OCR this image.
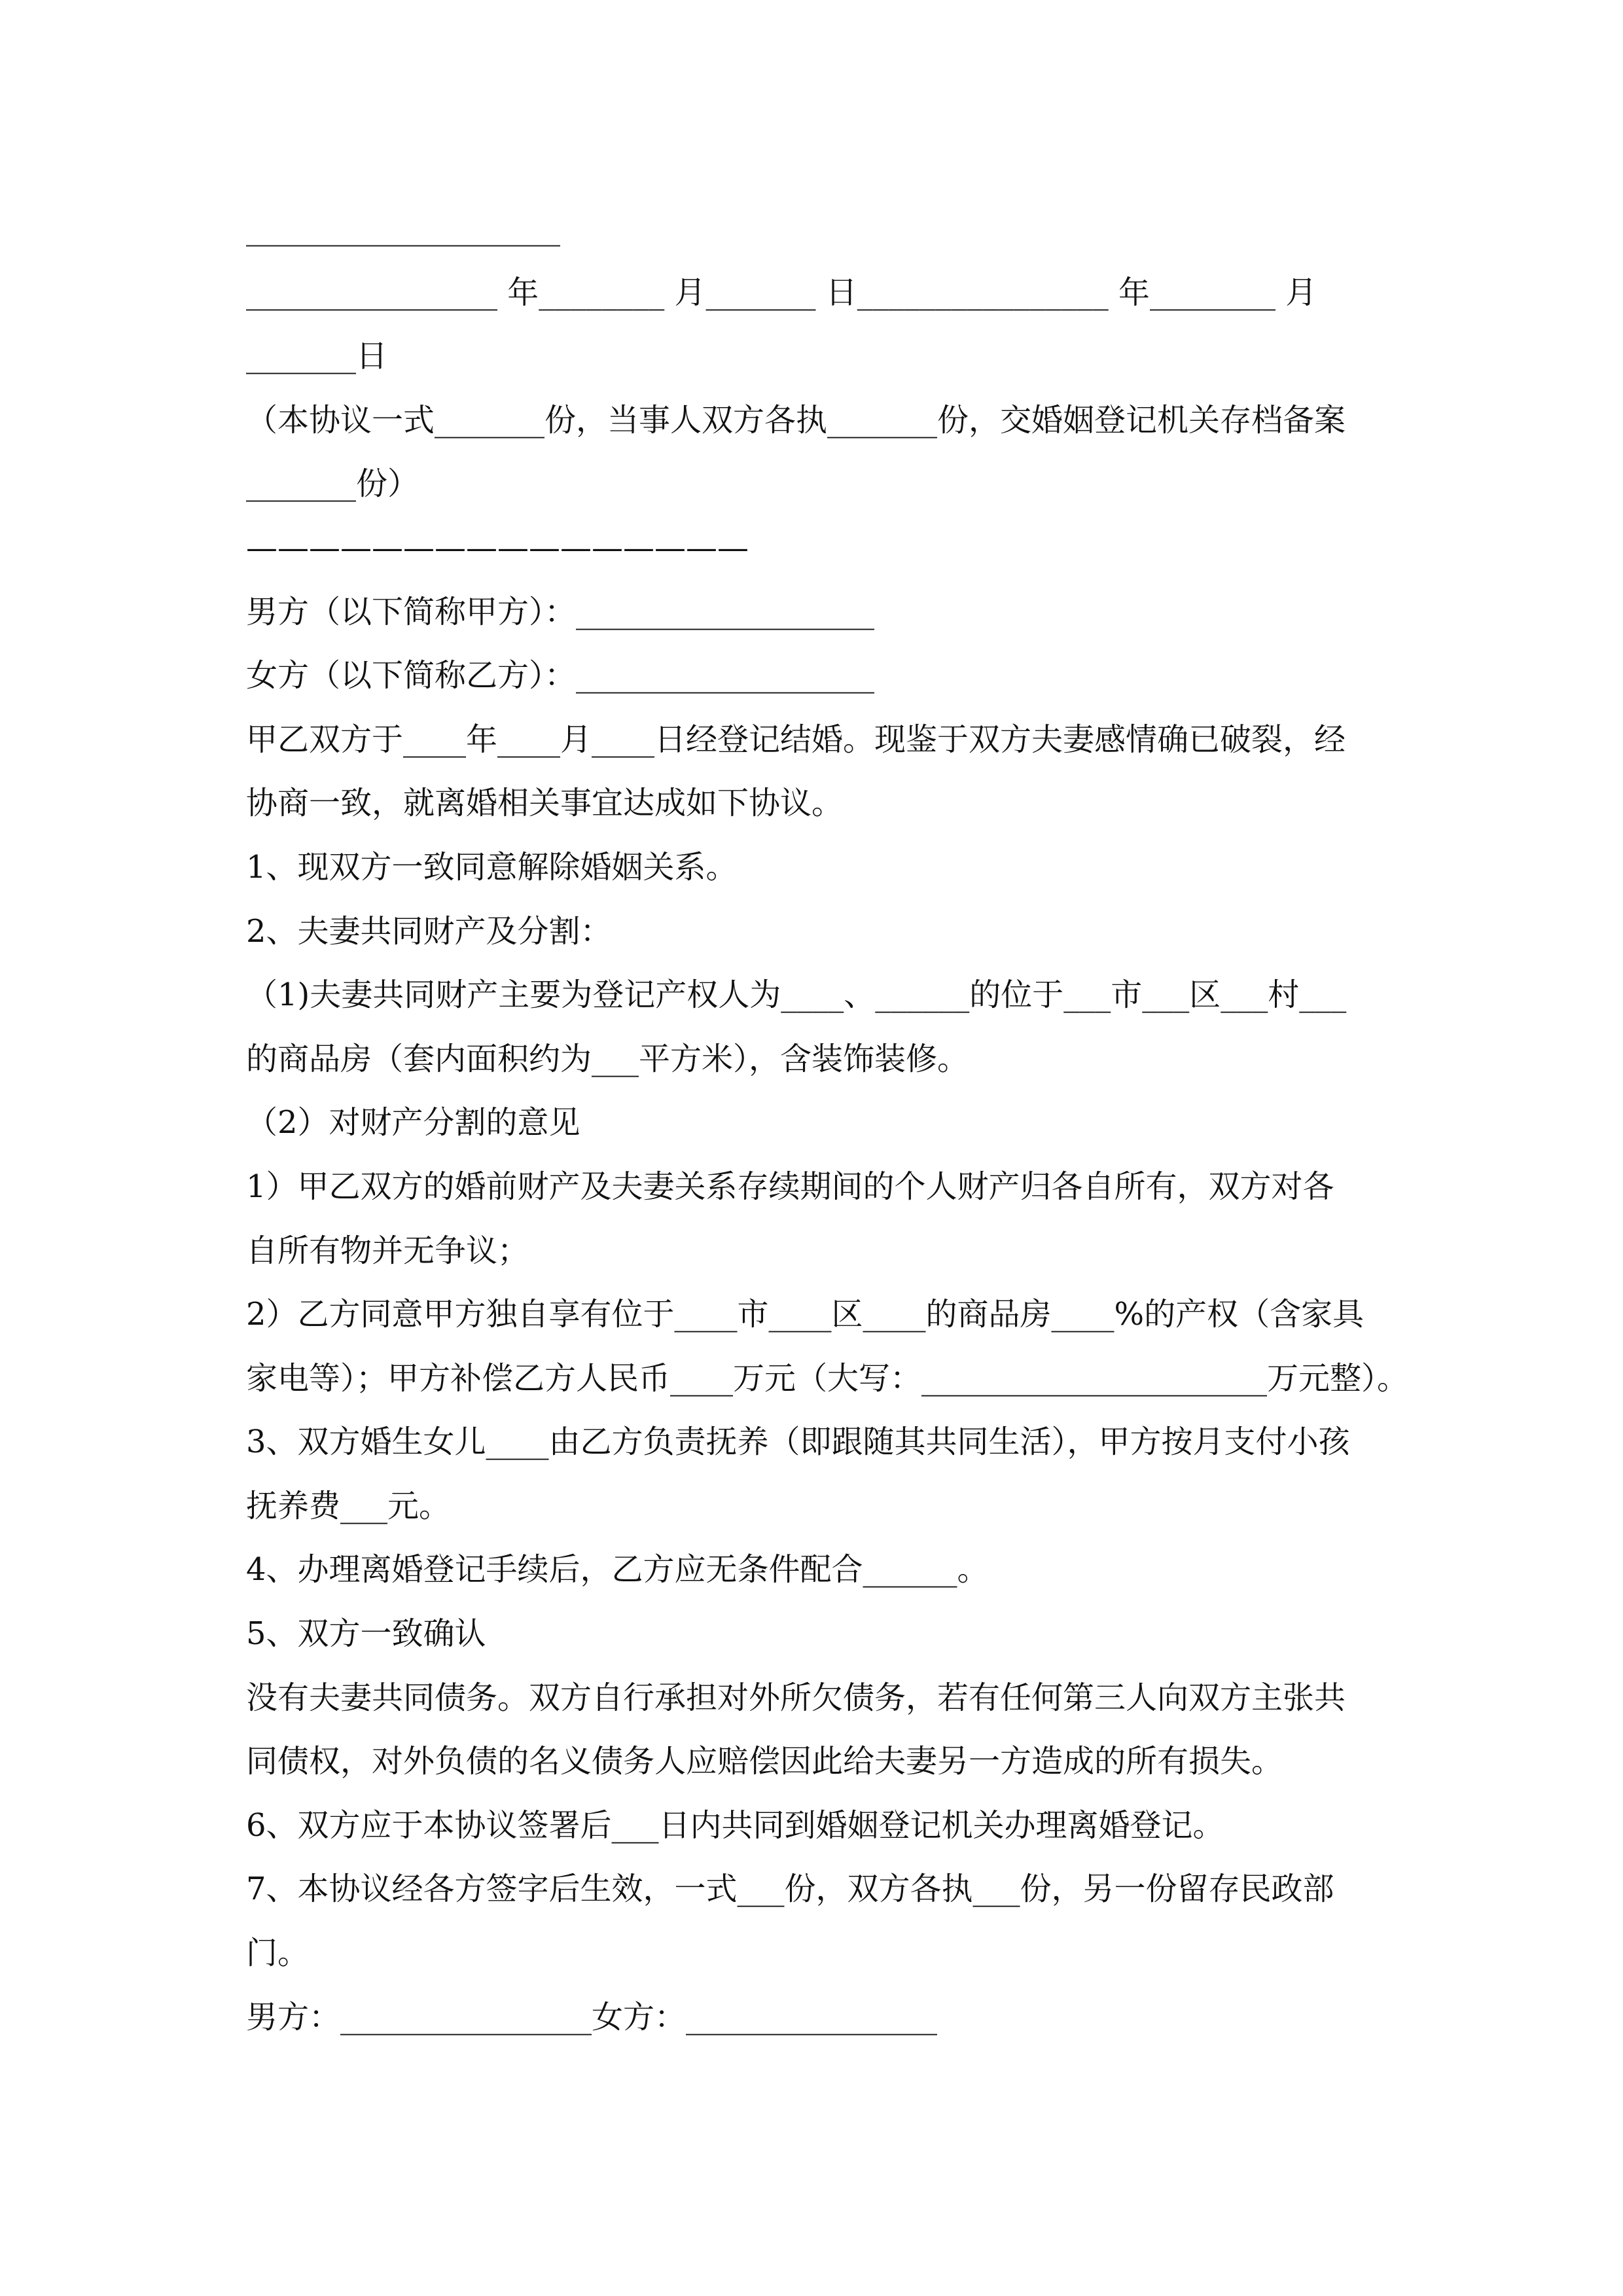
____________________
________________ 年________ 月_______ 日________________ 年________ 月
_______日
（本协议一式_______份，当事人双方各执_______份，交婚姻登记机关存档备案
_______份）
————————————————
男方（以下简称甲方）：___________________
女方（以下简称乙方）：___________________
甲乙双方于____年____月____日经登记结婚。现鉴于双方夫妻感情确已破裂，经
协商一致，就离婚相关事宜达成如下协议。
1、现双方一致同意解除婚姻关系。
2、夫妻共同财产及分割：
（1)夫妻共同财产主要为登记产权人为____、______的位于___市___区___村___
的商品房（套内面积约为___平方米），含装饰装修。
（2）对财产分割的意见
1）甲乙双方的婚前财产及夫妻关系存续期间的个人财产归各自所有，双方对各
自所有物并无争议；
2）乙方同意甲方独自享有位于____市____区____的商品房____%的产权（含家具
家电等）；甲方补偿乙方人民币____万元（大写：______________________万元整）。
3、双方婚生女儿____由乙方负责抚养（即跟随其共同生活），甲方按月支付小孩
抚养费___元。
4、办理离婚登记手续后，乙方应无条件配合______。
5、双方一致确认
没有夫妻共同债务。双方自行承担对外所欠债务，若有任何第三人向双方主张共
同债权，对外负债的名义债务人应赔偿因此给夫妻另一方造成的所有损失。
6、双方应于本协议签署后___日内共同到婚姻登记机关办理离婚登记。
7、本协议经各方签字后生效，一式___份，双方各执___份，另一份留存民政部
门。
男方：________________女方：________________
